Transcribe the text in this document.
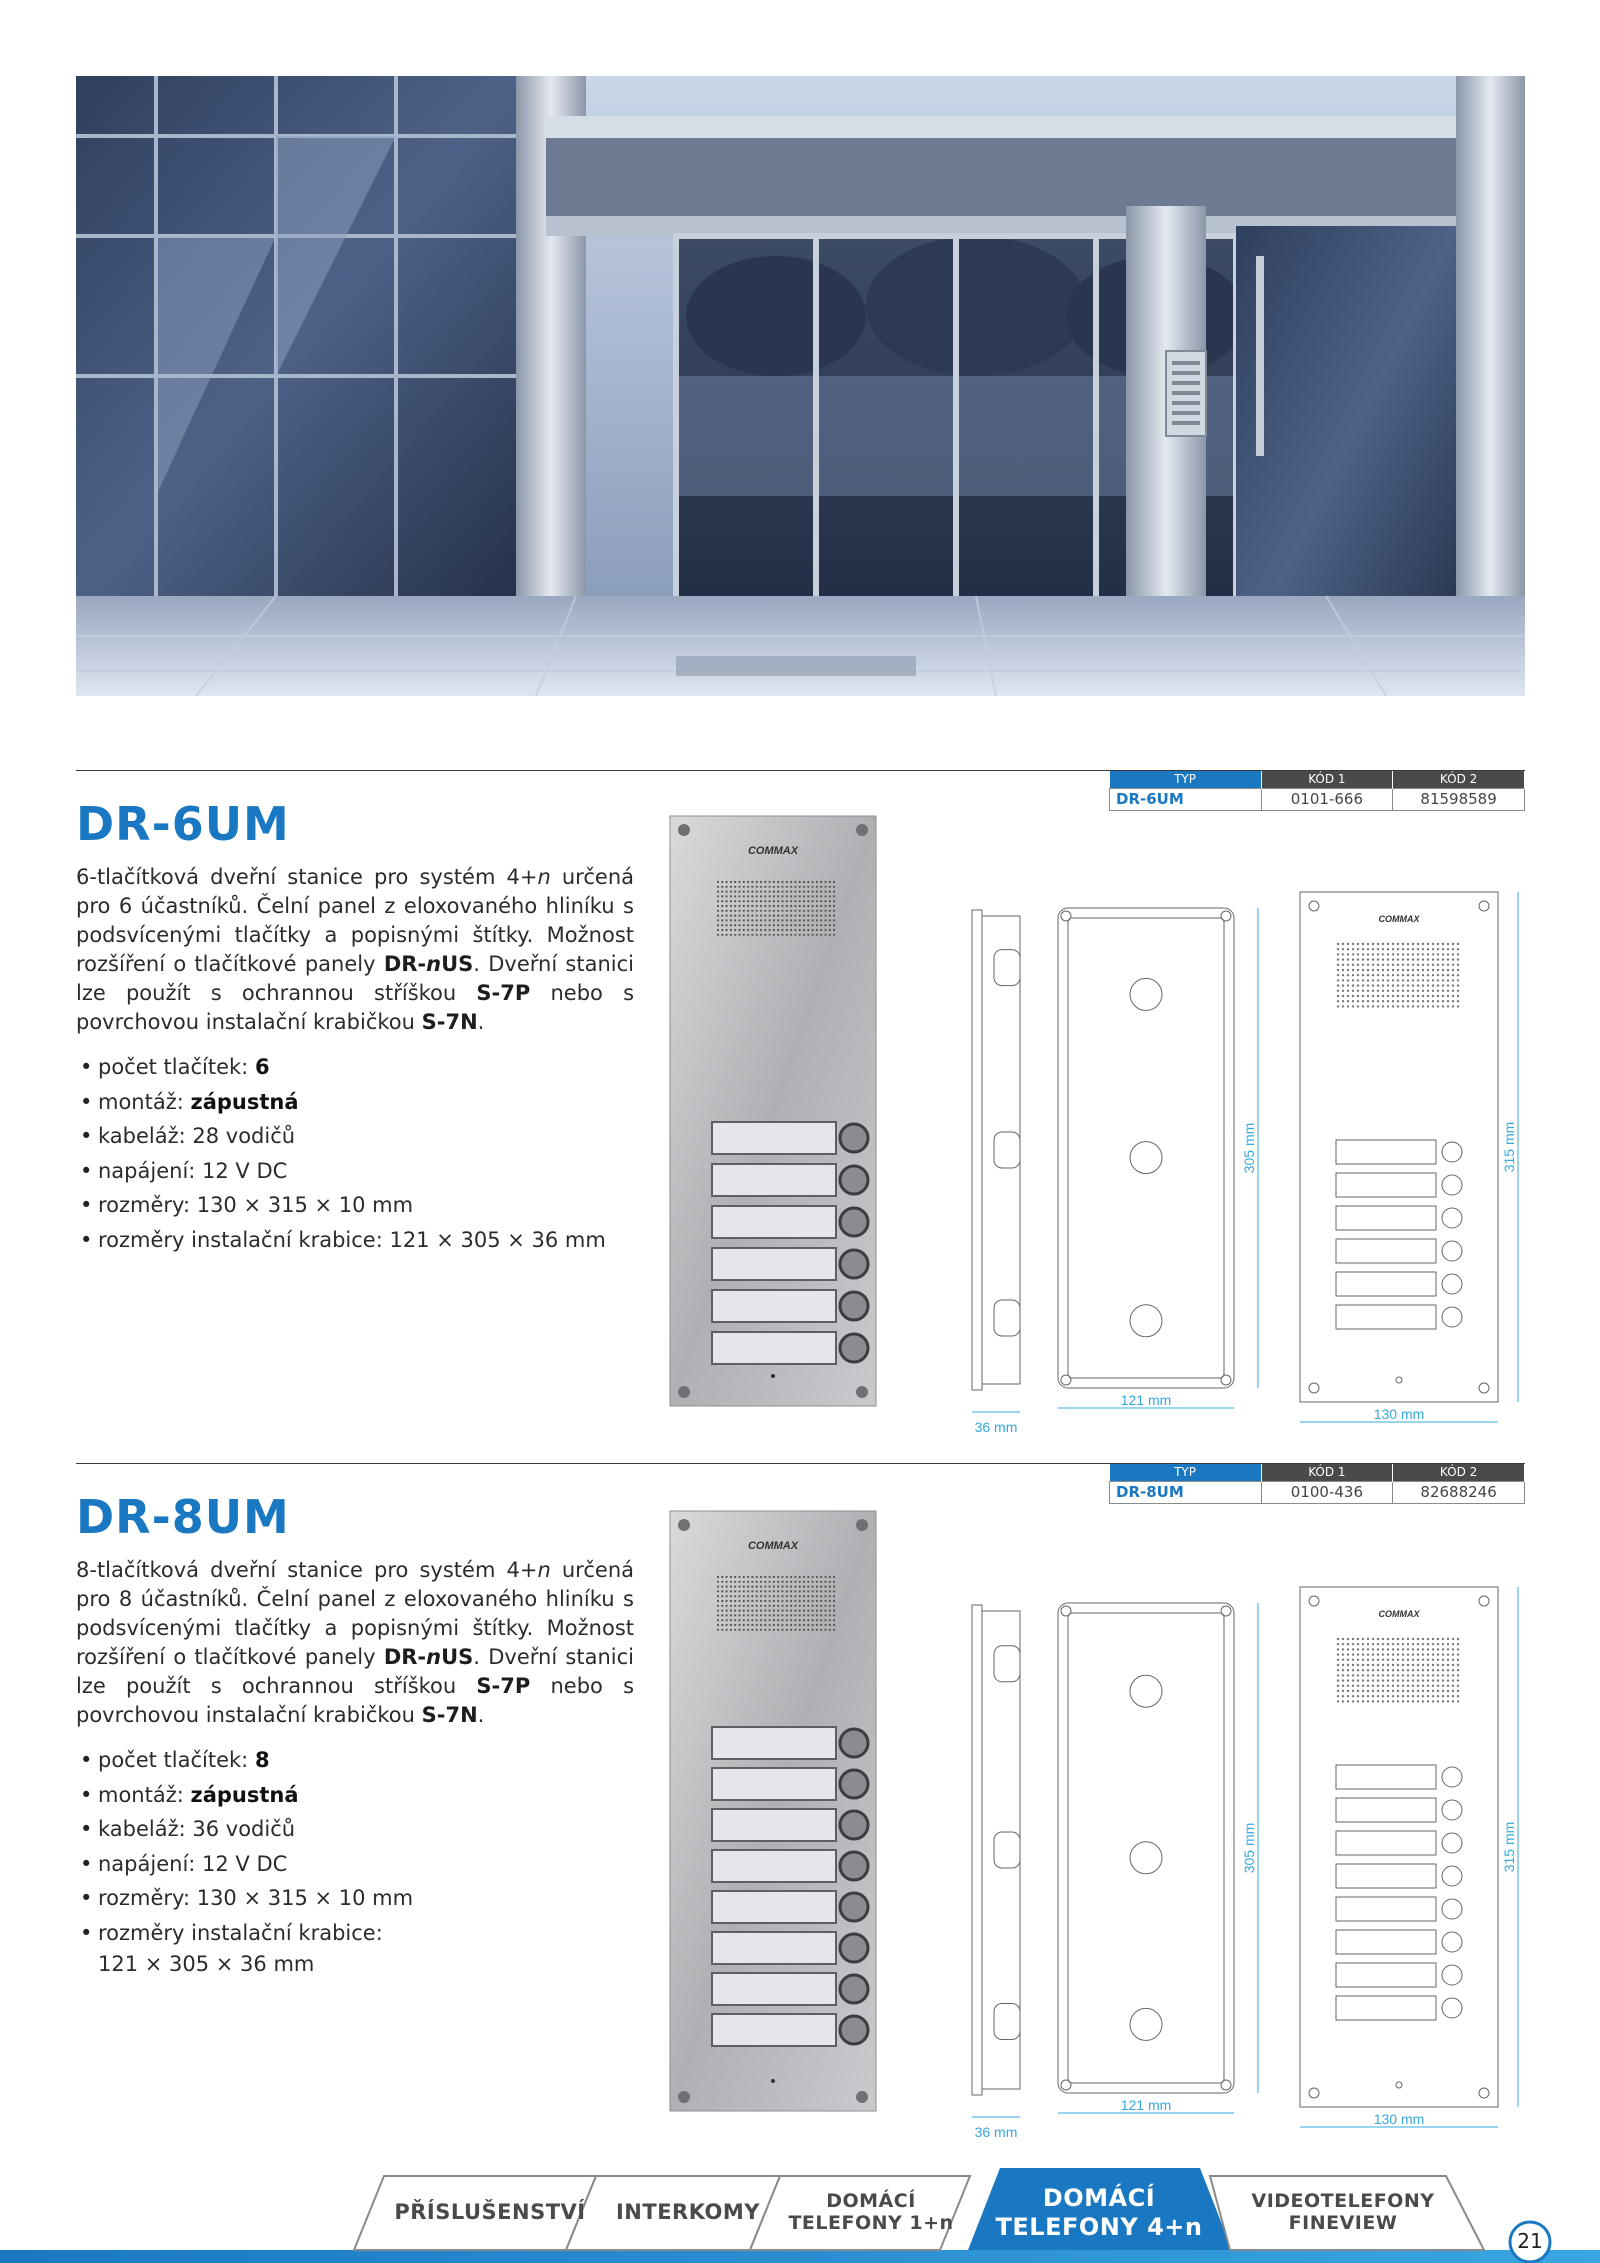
TYP	KÓD 1	KÓD 2
DR-6UM	0101-666	81598589
DR-6UM
6-tlačítková dveřní stanice pro systém 4+n určená pro 6 účastníků. Čelní panel z eloxovaného hliníku s podsvícenými tlačítky a popisnými štítky. Možnost rozšíření o tlačítkové panely DR-nUS. Dveřní stanici lze použít s ochrannou stříškou S-7P nebo s povrchovou instalační krabičkou S-7N.
• počet tlačítek: 6
• montáž: zápustná
• kabeláž: 28 vodičů
• napájení: 12 V DC
• rozměry: 130 × 315 × 10 mm
• rozměry instalační krabice: 121 × 305 × 36 mm
TYP	KÓD 1	KÓD 2
DR-8UM	0100-436	82688246
DR-8UM
8-tlačítková dveřní stanice pro systém 4+n určená pro 8 účastníků. Čelní panel z eloxovaného hliníku s podsvícenými tlačítky a popisnými štítky. Možnost rozšíření o tlačítkové panely DR-nUS. Dveřní stanici lze použít s ochrannou stříškou S-7P nebo s povrchovou instalační krabičkou S-7N.
• počet tlačítek: 8
• montáž: zápustná
• kabeláž: 36 vodičů
• napájení: 12 V DC
• rozměry: 130 × 315 × 10 mm
• rozměry instalační krabice:
121 × 305 × 36 mm
COMMAX
36 mm
305 mm
121 mm
COMMAX
315 mm
130 mm
COMMAX
36 mm
305 mm
121 mm
COMMAX
315 mm
130 mm
PŘÍSLUŠENSTVÍ	INTERKOMY	DOMÁCÍ
TELEFONY 1+n
DOMÁCÍ
TELEFONY 4+n
VIDEOTELEFONY
FINEVIEW
21
